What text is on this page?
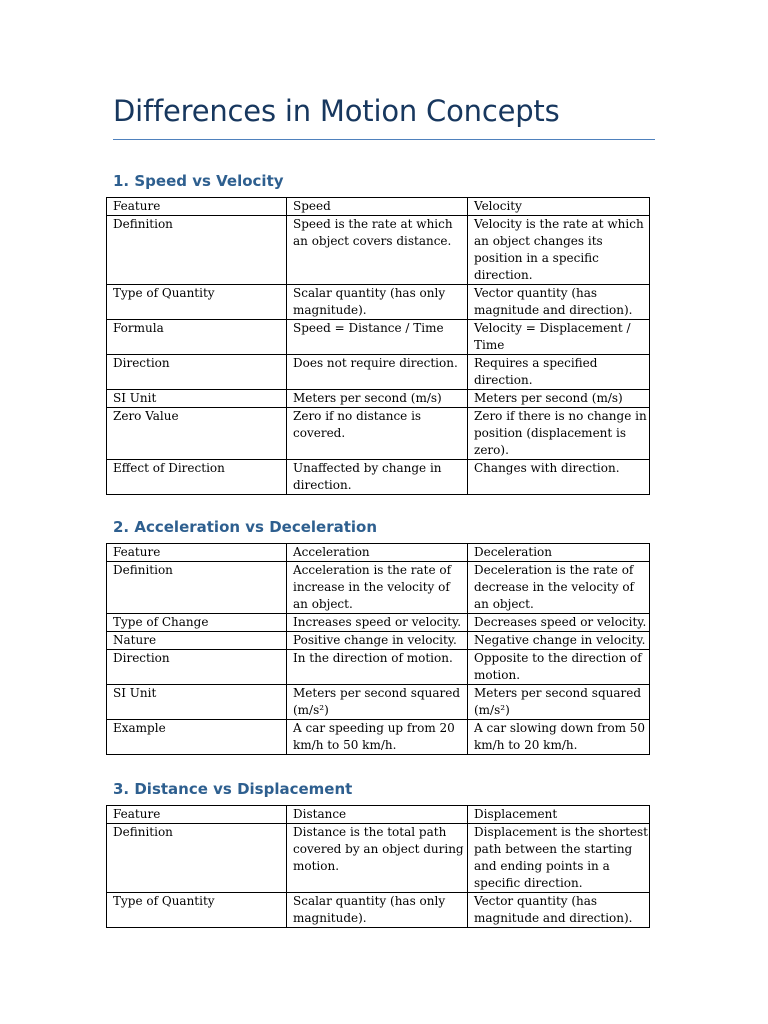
Differences in Motion Concepts
1. Speed vs Velocity
Feature	Speed	Velocity
Definition	Speed is the rate at which an object covers distance.	Velocity is the rate at which an object changes its position in a specific direction.
Type of Quantity	Scalar quantity (has only magnitude).	Vector quantity (has magnitude and direction).
Formula	Speed = Distance / Time	Velocity = Displacement / Time
Direction	Does not require direction.	Requires a specified direction.
SI Unit	Meters per second (m/s)	Meters per second (m/s)
Zero Value	Zero if no distance is covered.	Zero if there is no change in position (displacement is zero).
Effect of Direction	Unaffected by change in direction.	Changes with direction.
2. Acceleration vs Deceleration
Feature	Acceleration	Deceleration
Definition	Acceleration is the rate of increase in the velocity of an object.	Deceleration is the rate of decrease in the velocity of an object.
Type of Change	Increases speed or velocity.	Decreases speed or velocity.
Nature	Positive change in velocity.	Negative change in velocity.
Direction	In the direction of motion.	Opposite to the direction of motion.
SI Unit	Meters per second squared (m/s²)	Meters per second squared (m/s²)
Example	A car speeding up from 20 km/h to 50 km/h.	A car slowing down from 50 km/h to 20 km/h.
3. Distance vs Displacement
Feature	Distance	Displacement
Definition	Distance is the total path covered by an object during motion.	Displacement is the shortest path between the starting and ending points in a specific direction.
Type of Quantity	Scalar quantity (has only magnitude).	Vector quantity (has magnitude and direction).
